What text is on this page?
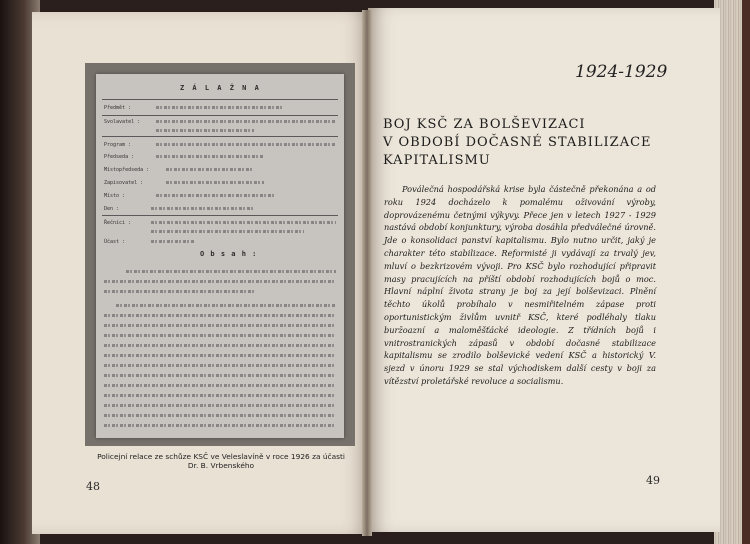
Z Á L A Ž N A
Předmět :
Svolavatel :
Program :
Předseda :
Místopředseda :
Zapisovatel :
Místo :
Den :
Řečníci :
Účast :
O b s a h :
Policejní relace ze schůze KSČ ve Veleslavíně v roce 1926 za účasti
Dr. B. Vrbenského
48
1924-1929
BOJ KSČ ZA BOLŠEVIZACI
V OBDOBÍ DOČASNÉ STABILIZACE
KAPITALISMU
Poválečná hospodářská krise byla částečně překonána a od roku 1924 docházelo k pomalému oživování výroby, doprovázenému četnými výkyvy. Přece jen v letech 1927 - 1929 nastává období konjunktury, výroba dosáhla předválečné úrovně. Jde o konsolidaci panství kapitalismu. Bylo nutno určit, jaký je charakter této stabilizace. Reformisté ji vydávají za trvalý jev, mluví o bezkrizovém vývoji. Pro KSČ bylo rozhodující připravit masy pracujících na příští období rozhodujících bojů o moc. Hlavní náplní života strany je boj za její bolševizaci. Plnění těchto úkolů probíhalo v nesmiřitelném zápase proti oportunistickým živlům uvnitř KSČ, které podléhaly tlaku buržoazní a maloměšťácké ideologie. Z třídních bojů i vnitrostranických zápasů v období dočasné stabilizace kapitalismu se zrodilo bolševické vedení KSČ a historický V. sjezd v únoru 1929 se stal východiskem další cesty v boji za vítězství proletářské revoluce a socialismu.
49
